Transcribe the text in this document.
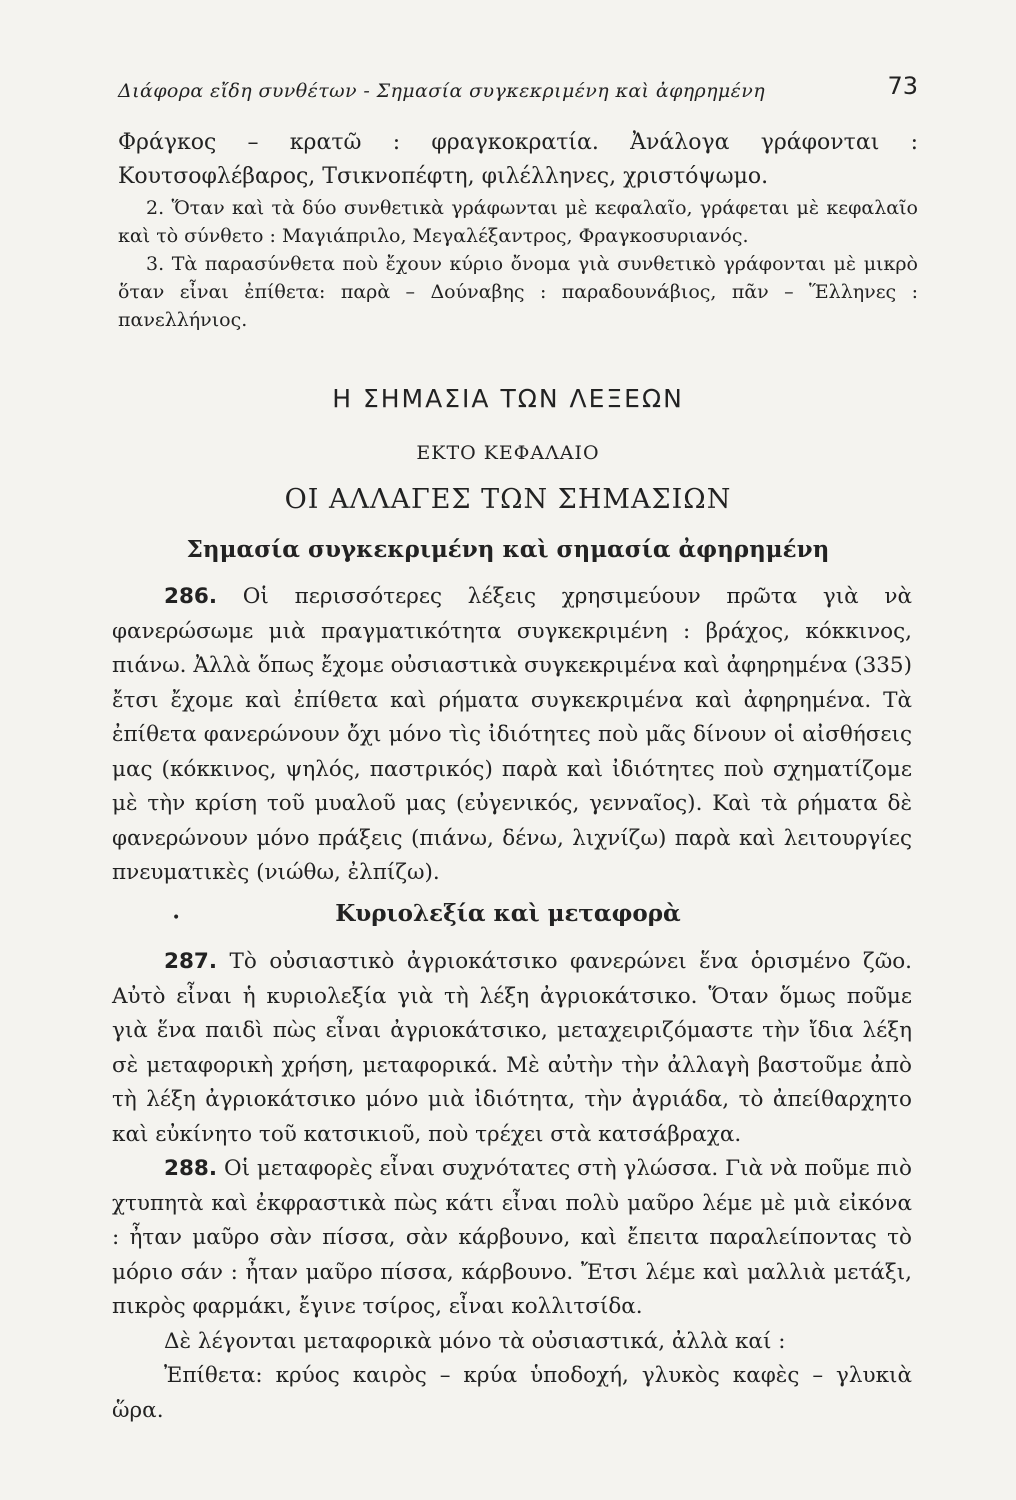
Διάφορα εἴδη συνθέτων - Σημασία συγκεκριμένη καὶ ἀφηρημένη	73

Φράγκος – κρατῶ : φραγκοκρατία. Ἀνάλογα γράφονται : Κουτσοφλέβαρος, Τσικνοπέφτη, φιλέλληνες, χριστόψωμο.

2. Ὅταν καὶ τὰ δύο συνθετικὰ γράφωνται μὲ κεφαλαῖο, γράφεται μὲ κεφαλαῖο καὶ τὸ σύνθετο : Μαγιάπριλο, Μεγαλέξαντρος, Φραγκοσυριανός.

3. Τὰ παρασύνθετα ποὺ ἔχουν κύριο ὄνομα γιὰ συνθετικὸ γράφονται μὲ μικρὸ ὅταν εἶναι ἐπίθετα: παρὰ – Δούναβης : παραδουνάβιος, πᾶν – Ἕλληνες : πανελλήνιος.

Η ΣΗΜΑΣΙΑ ΤΩΝ ΛΕΞΕΩΝ
ΕΚΤΟ ΚΕΦΑΛΑΙΟ
ΟΙ ΑΛΛΑΓΕΣ ΤΩΝ ΣΗΜΑΣΙΩΝ
Σημασία συγκεκριμένη καὶ σημασία ἀφηρημένη

286. Οἱ περισσότερες λέξεις χρησιμεύουν πρῶτα γιὰ νὰ φανερώσωμε μιὰ πραγματικότητα συγκεκριμένη : βράχος, κόκκινος, πιάνω. Ἀλλὰ ὅπως ἔχομε οὐσιαστικὰ συγκεκριμένα καὶ ἀφηρημένα (335) ἔτσι ἔχομε καὶ ἐπίθετα καὶ ρήματα συγκεκριμένα καὶ ἀφηρημένα. Τὰ ἐπίθετα φανερώνουν ὄχι μόνο τὶς ἰδιότητες ποὺ μᾶς δίνουν οἱ αἰσθήσεις μας (κόκκινος, ψηλός, παστρικός) παρὰ καὶ ἰδιότητες ποὺ σχηματίζομε μὲ τὴν κρίση τοῦ μυαλοῦ μας (εὐγενικός, γενναῖος). Καὶ τὰ ρήματα δὲ φανερώνουν μόνο πράξεις (πιάνω, δένω, λιχνίζω) παρὰ καὶ λειτουργίες πνευματικὲς (νιώθω, ἐλπίζω).

•	Κυριολεξία καὶ μεταφορὰ

287. Τὸ οὐσιαστικὸ ἀγριοκάτσικο φανερώνει ἕνα ὁρισμένο ζῶο. Αὐτὸ εἶναι ἡ κυριολεξία γιὰ τὴ λέξη ἀγριοκάτσικο. Ὅταν ὅμως ποῦμε γιὰ ἕνα παιδὶ πὼς εἶναι ἀγριοκάτσικο, μεταχειριζόμαστε τὴν ἴδια λέξη σὲ μεταφορικὴ χρήση, μεταφορικά. Μὲ αὐτὴν τὴν ἀλλαγὴ βαστοῦμε ἀπὸ τὴ λέξη ἀγριοκάτσικο μόνο μιὰ ἰδιότητα, τὴν ἀγριάδα, τὸ ἀπείθαρχητο καὶ εὐκίνητο τοῦ κατσικιοῦ, ποὺ τρέχει στὰ κατσάβραχα.

288. Οἱ μεταφορὲς εἶναι συχνότατες στὴ γλώσσα. Γιὰ νὰ ποῦμε πιὸ χτυπητὰ καὶ ἐκφραστικὰ πὼς κάτι εἶναι πολὺ μαῦρο λέμε μὲ μιὰ εἰκόνα : ἦταν μαῦρο σὰν πίσσα, σὰν κάρβουνο, καὶ ἔπειτα παραλείποντας τὸ μόριο σάν : ἦταν μαῦρο πίσσα, κάρβουνο. Ἔτσι λέμε καὶ μαλλιὰ μετάξι, πικρὸς φαρμάκι, ἔγινε τσίρος, εἶναι κολλιτσίδα.

Δὲ λέγονται μεταφορικὰ μόνο τὰ οὐσιαστικά, ἀλλὰ καί :

Ἐπίθετα: κρύος καιρὸς – κρύα ὑποδοχή, γλυκὸς καφὲς – γλυκιὰ ὥρα.
